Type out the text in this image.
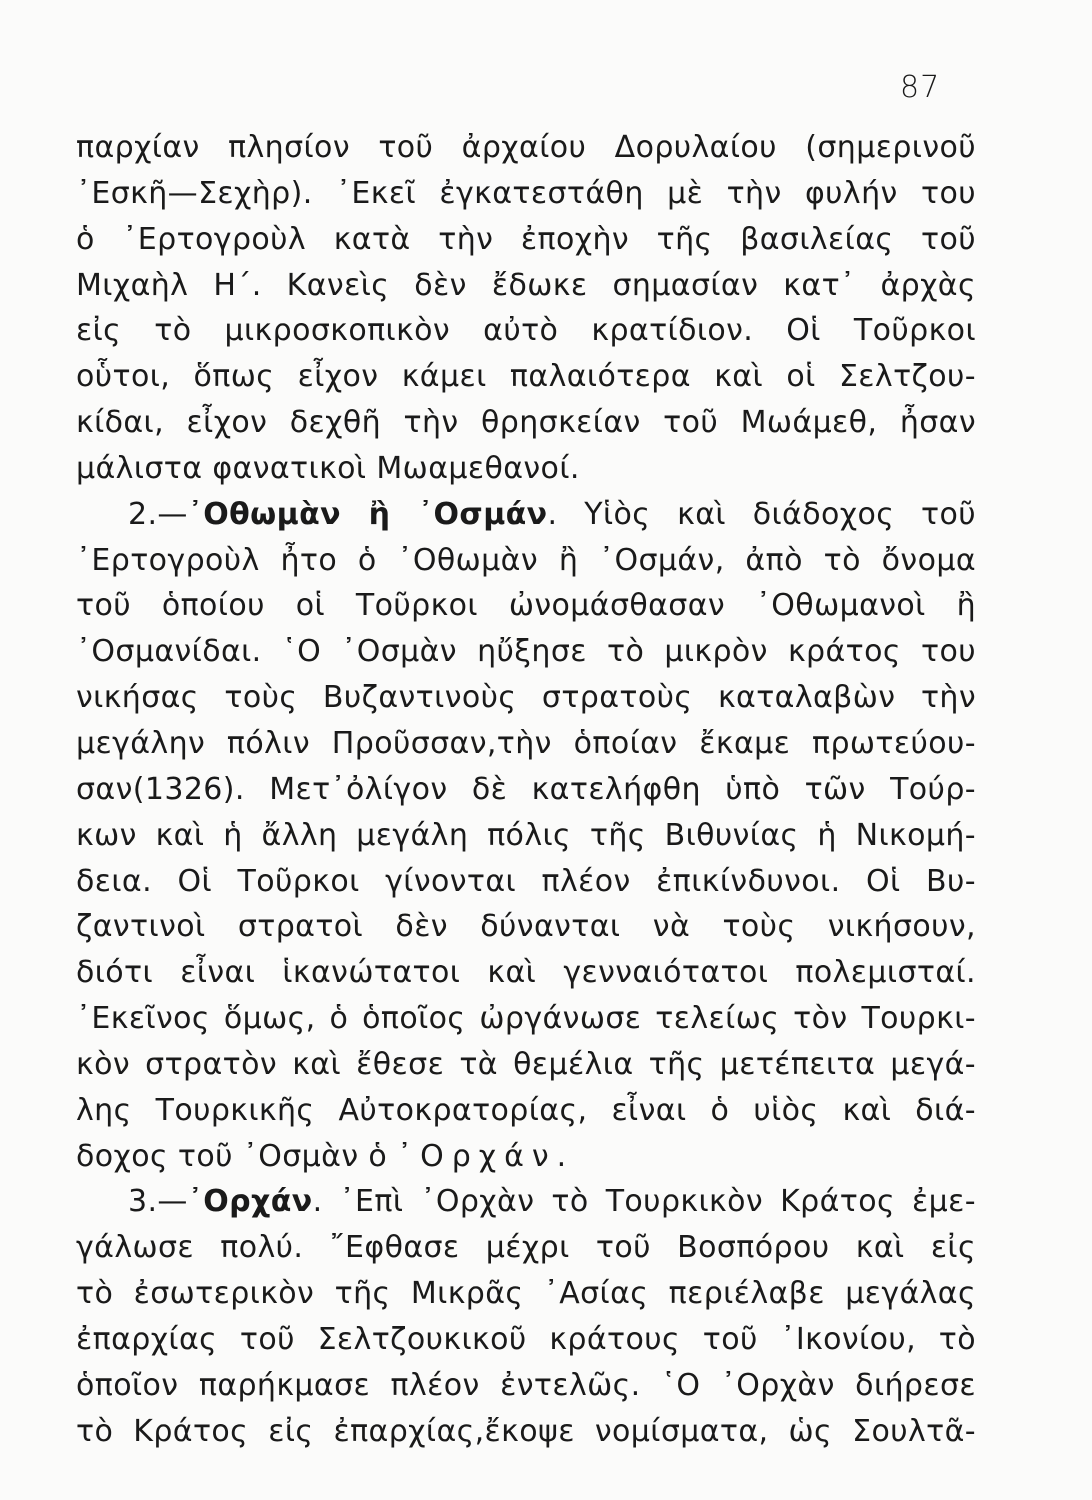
87
παρχίαν πλησίον τοῦ ἀρχαίου Δορυλαίου (σημερινοῦ
᾿Εσκῆ—Σεχὴρ). ᾿Εκεῖ ἐγκατεστάθη μὲ τὴν φυλήν του
ὁ ᾿Ερτογροὺλ κατὰ τὴν ἐποχὴν τῆς βασιλείας τοῦ
Μιχαὴλ Η΄. Κανεὶς δὲν ἔδωκε σημασίαν κατ᾿ ἀρχὰς
εἰς τὸ μικροσκοπικὸν αὐτὸ κρατίδιον. Οἱ Τοῦρκοι
οὗτοι, ὅπως εἶχον κάμει παλαιότερα καὶ οἱ Σελτζου-
κίδαι, εἶχον δεχθῆ τὴν θρησκείαν τοῦ Μωάμεθ, ἦσαν
μάλιστα φανατικοὶ Μωαμεθανοί.
2.—᾿Οθωμὰν ἢ ᾿Οσμάν. Υἱὸς καὶ διάδοχος τοῦ
᾿Ερτογροὺλ ἦτο ὁ ᾿Οθωμὰν ἢ ᾿Οσμάν, ἀπὸ τὸ ὄνομα
τοῦ ὁποίου οἱ Τοῦρκοι ὠνομάσθασαν ᾿Οθωμανοὶ ἢ
᾿Οσμανίδαι. ῾Ο ᾿Οσμὰν ηὔξησε τὸ μικρὸν κράτος του
νικήσας τοὺς Βυζαντινοὺς στρατοὺς καταλαβὼν τὴν
μεγάλην πόλιν Προῦσσαν,τὴν ὁποίαν ἔκαμε πρωτεύου-
σαν(1326). Μετ᾿ὀλίγον δὲ κατελήφθη ὑπὸ τῶν Τούρ-
κων καὶ ἡ ἄλλη μεγάλη πόλις τῆς Βιθυνίας ἡ Νικομή-
δεια. Οἱ Τοῦρκοι γίνονται πλέον ἐπικίνδυνοι. Οἱ Βυ-
ζαντινοὶ στρατοὶ δὲν δύνανται νὰ τοὺς νικήσουν,
διότι εἶναι ἱκανώτατοι καὶ γενναιότατοι πολεμισταί.
᾿Εκεῖνος ὅμως, ὁ ὁποῖος ὠργάνωσε τελείως τὸν Τουρκι-
κὸν στρατὸν καὶ ἔθεσε τὰ θεμέλια τῆς μετέπειτα μεγά-
λης Τουρκικῆς Αὐτοκρατορίας, εἶναι ὁ υἱὸς καὶ διά-
δοχος τοῦ ᾿Οσμὰν ὁ ᾿Ορχάν.
3.—᾿Ορχάν. ᾿Επὶ ᾿Ορχὰν τὸ Τουρκικὸν Κράτος ἐμε-
γάλωσε πολύ. ῎Εφθασε μέχρι τοῦ Βοσπόρου καὶ εἰς
τὸ ἐσωτερικὸν τῆς Μικρᾶς ᾿Ασίας περιέλαβε μεγάλας
ἐπαρχίας τοῦ Σελτζουκικοῦ κράτους τοῦ ᾿Ικονίου, τὸ
ὁποῖον παρήκμασε πλέον ἐντελῶς. ῾Ο ᾿Ορχὰν διήρεσε
τὸ Κράτος εἰς ἐπαρχίας,ἔκοψε νομίσματα, ὡς Σουλτᾶ-
